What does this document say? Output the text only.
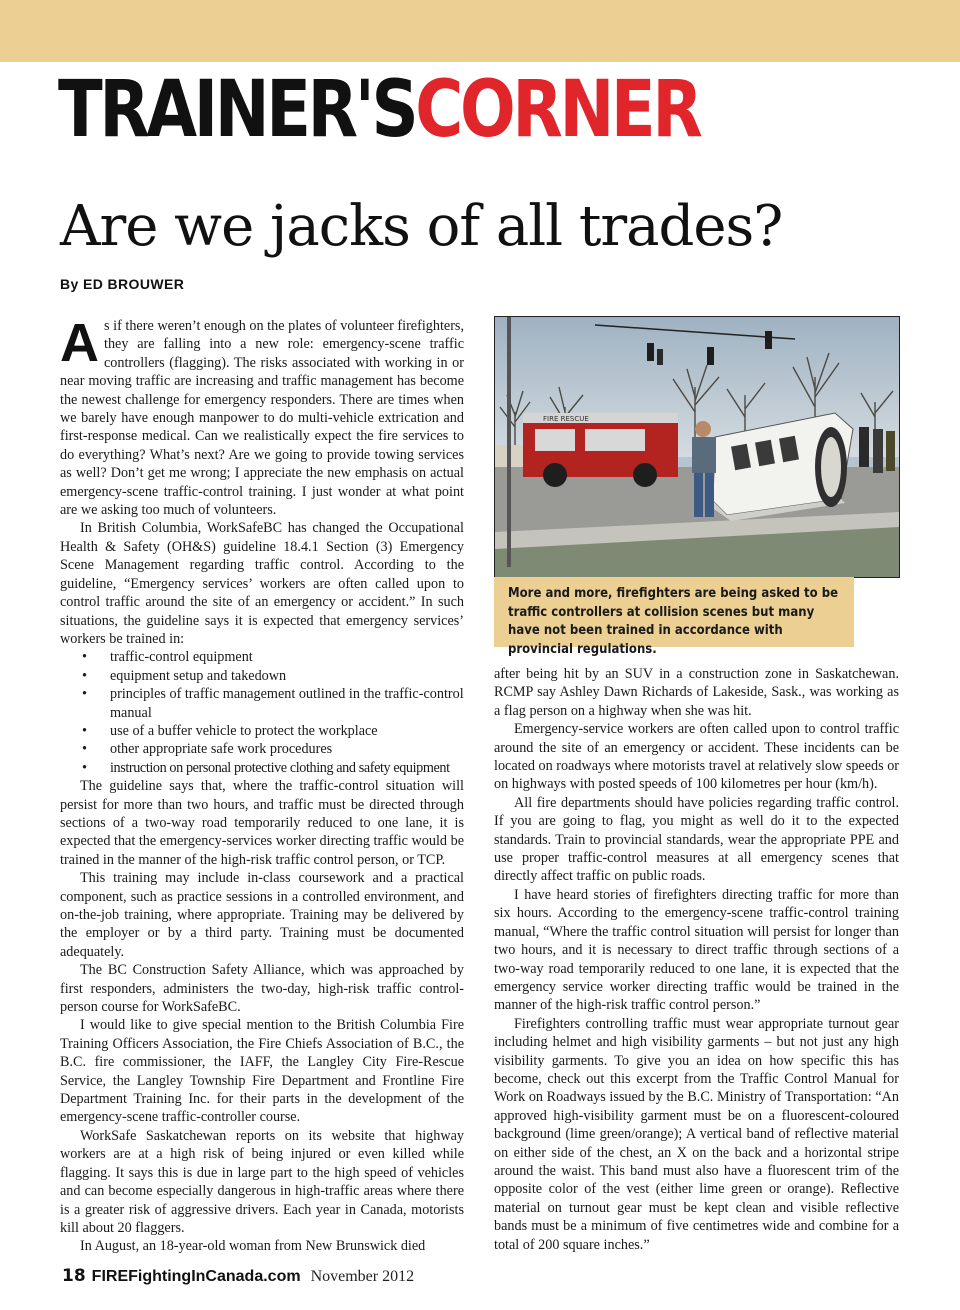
TRAINER'SCORNER
Are we jacks of all trades?
By ED BROUWER

As if there weren’t enough on the plates of volunteer firefighters, they are falling into a new role: emergency-scene traffic controllers (flagging). The risks associated with working in or near moving traffic are increasing and traffic management has become the newest challenge for emergency responders. There are times when we barely have enough manpower to do multi-vehicle extrication and first-response medical. Can we realistically expect the fire services to do everything? What’s next? Are we going to provide towing services as well? Don’t get me wrong; I appreciate the new emphasis on actual emergency-scene traffic-control training. I just wonder at what point are we asking too much of volunteers.

In British Columbia, WorkSafeBC has changed the Occupational Health & Safety (OH&S) guideline 18.4.1 Section (3) Emergency Scene Management regarding traffic control. According to the guideline, “Emergency services’ workers are often called upon to control traffic around the site of an emergency or accident.” In such situations, the guideline says it is expected that emergency services’ workers be trained in:

• traffic-control equipment
• equipment setup and takedown
• principles of traffic management outlined in the traffic-control manual
• use of a buffer vehicle to protect the workplace
• other appropriate safe work procedures
• instruction on personal protective clothing and safety equipment

The guideline says that, where the traffic-control situation will persist for more than two hours, and traffic must be directed through sections of a two-way road temporarily reduced to one lane, it is expected that the emergency-services worker directing traffic would be trained in the manner of the high-risk traffic control person, or TCP.

This training may include in-class coursework and a practical component, such as practice sessions in a controlled environment, and on-the-job training, where appropriate. Training may be delivered by the employer or by a third party. Training must be documented adequately.

The BC Construction Safety Alliance, which was approached by first responders, administers the two-day, high-risk traffic control-person course for WorkSafeBC.

I would like to give special mention to the British Columbia Fire Training Officers Association, the Fire Chiefs Association of B.C., the B.C. fire commissioner, the IAFF, the Langley City Fire-Rescue Service, the Langley Township Fire Department and Frontline Fire Department Training Inc. for their parts in the development of the emergency-scene traffic-controller course.

WorkSafe Saskatchewan reports on its website that highway workers are at a high risk of being injured or even killed while flagging. It says this is due in large part to the high speed of vehicles and can become especially dangerous in high-traffic areas where there is a greater risk of aggressive drivers. Each year in Canada, motorists kill about 20 flaggers.

In August, an 18-year-old woman from New Brunswick died

FIRE RESCUE
More and more, firefighters are being asked to be traffic controllers at collision scenes but many have not been trained in accordance with provincial regulations.

after being hit by an SUV in a construction zone in Saskatchewan. RCMP say Ashley Dawn Richards of Lakeside, Sask., was working as a flag person on a highway when she was hit.

Emergency-service workers are often called upon to control traffic around the site of an emergency or accident. These incidents can be located on roadways where motorists travel at relatively slow speeds or on highways with posted speeds of 100 kilometres per hour (km/h).

All fire departments should have policies regarding traffic control. If you are going to flag, you might as well do it to the expected standards. Train to provincial standards, wear the appropriate PPE and use proper traffic-control measures at all emergency scenes that directly affect traffic on public roads.

I have heard stories of firefighters directing traffic for more than six hours. According to the emergency-scene traffic-control training manual, “Where the traffic control situation will persist for longer than two hours, and it is necessary to direct traffic through sections of a two-way road temporarily reduced to one lane, it is expected that the emergency service worker directing traffic would be trained in the manner of the high-risk traffic control person.”

Firefighters controlling traffic must wear appropriate turnout gear including helmet and high visibility garments – but not just any high visibility garments. To give you an idea on how specific this has become, check out this excerpt from the Traffic Control Manual for Work on Roadways issued by the B.C. Ministry of Transportation: “An approved high-visibility garment must be on a fluorescent-coloured background (lime green/orange); A vertical band of reflective material on either side of the chest, an X on the back and a horizontal stripe around the waist. This band must also have a fluorescent trim of the opposite color of the vest (either lime green or orange). Reflective material on turnout gear must be kept clean and visible reflective bands must be a minimum of five centimetres wide and combine for a total of 200 square inches.”

18 FIREFightingInCanada.com November 2012
